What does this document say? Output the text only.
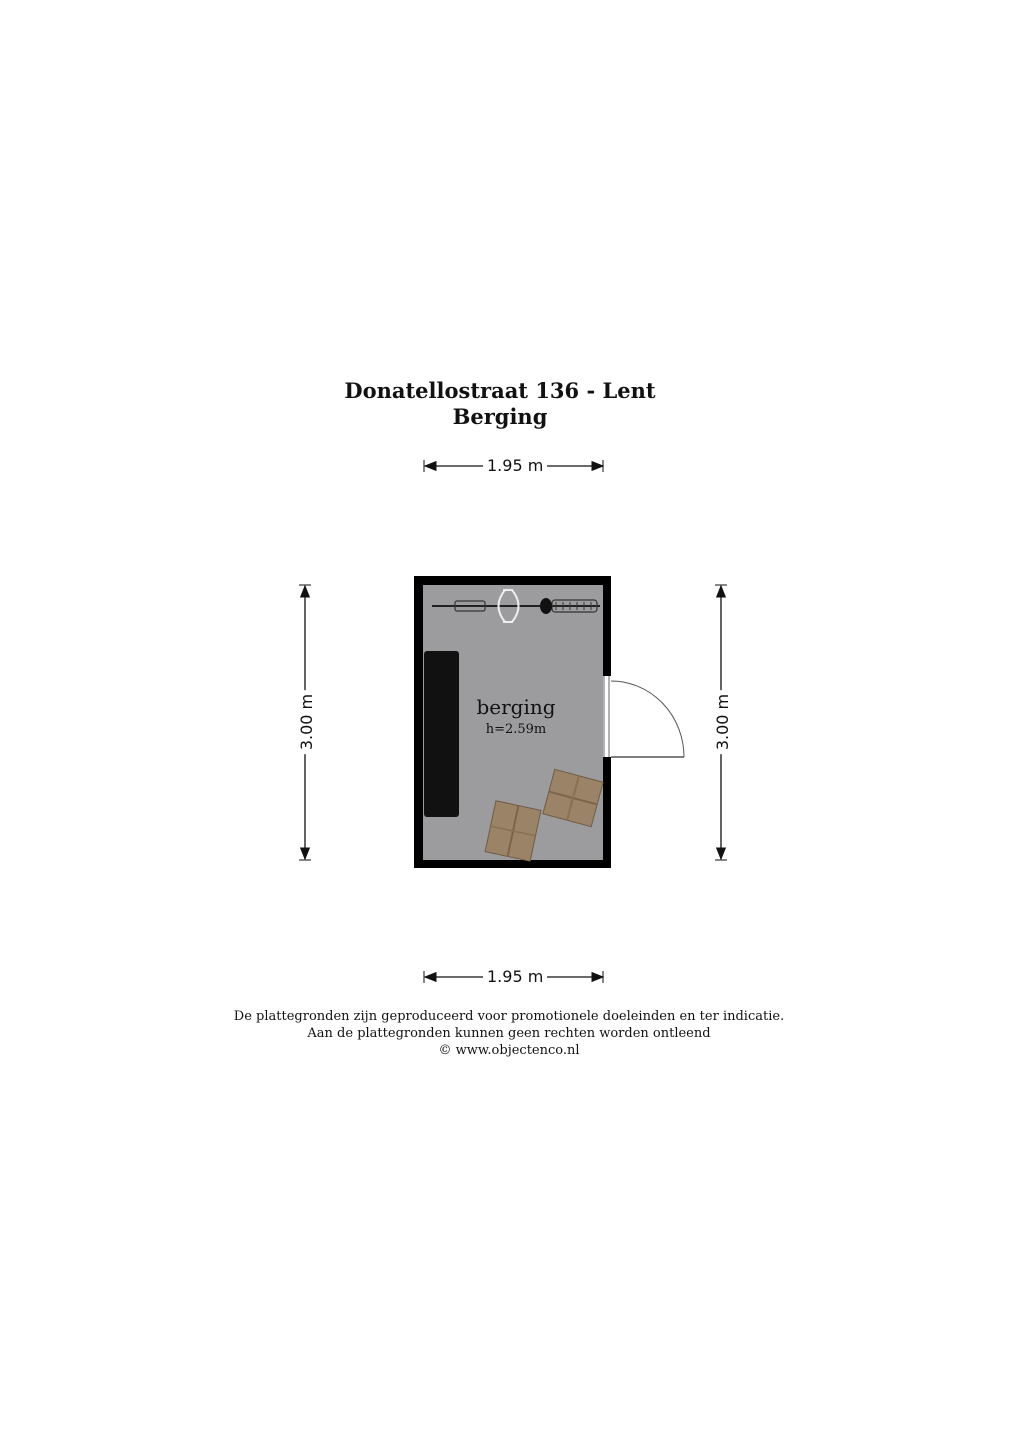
Donatellostraat 136 - Lent
Berging
1.95 m
1.95 m
3.00 m	3.00 m
berging
h=2.59m
De plattegronden zijn geproduceerd voor promotionele doeleinden en ter indicatie.
Aan de plattegronden kunnen geen rechten worden ontleend
© www.objectenco.nl
